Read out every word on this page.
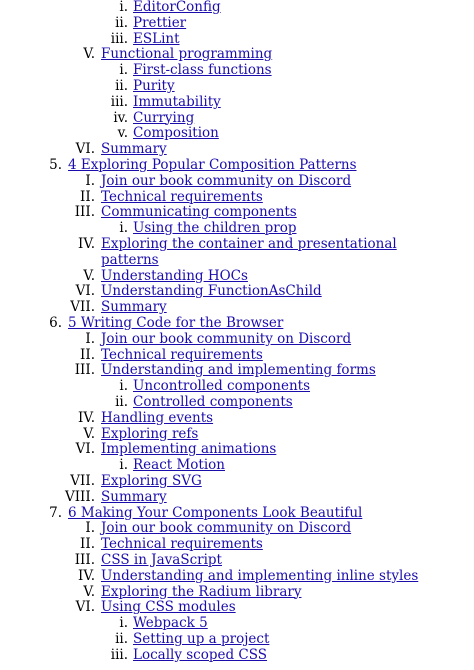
i. EditorConfig
ii. Prettier
iii. ESLint
V. Functional programming
i. First-class functions
ii. Purity
iii. Immutability
iv. Currying
v. Composition
VI. Summary
5. 4 Exploring Popular Composition Patterns
I. Join our book community on Discord
II. Technical requirements
III. Communicating components
i. Using the children prop
IV. Exploring the container and presentational
patterns
V. Understanding HOCs
VI. Understanding FunctionAsChild
VII. Summary
6. 5 Writing Code for the Browser
I. Join our book community on Discord
II. Technical requirements
III. Understanding and implementing forms
i. Uncontrolled components
ii. Controlled components
IV. Handling events
V. Exploring refs
VI. Implementing animations
i. React Motion
VII. Exploring SVG
VIII. Summary
7. 6 Making Your Components Look Beautiful
I. Join our book community on Discord
II. Technical requirements
III. CSS in JavaScript
IV. Understanding and implementing inline styles
V. Exploring the Radium library
VI. Using CSS modules
i. Webpack 5
ii. Setting up a project
iii. Locally scoped CSS
